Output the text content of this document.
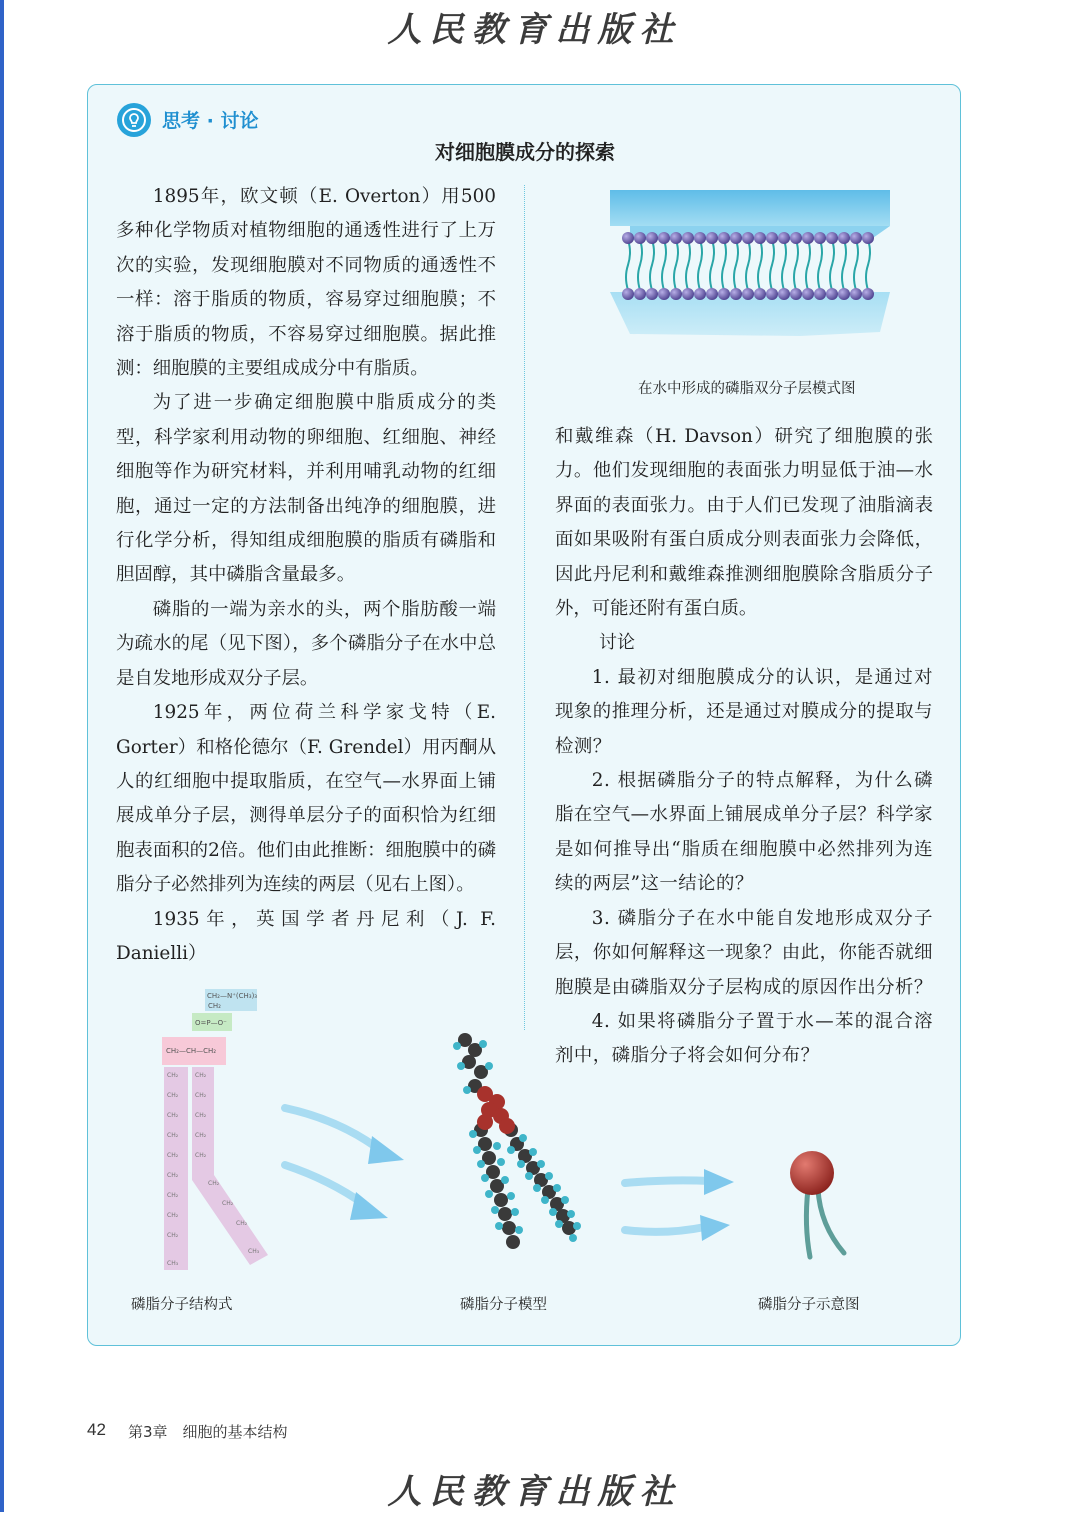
人民教育出版社
思考 · 讨论
对细胞膜成分的探索

1895年，欧文顿（E. Overton）用500多种化学物质对植物细胞的通透性进行了上万次的实验，发现细胞膜对不同物质的通透性不一样：溶于脂质的物质，容易穿过细胞膜；不溶于脂质的物质，不容易穿过细胞膜。据此推测：细胞膜的主要组成成分中有脂质。

为了进一步确定细胞膜中脂质成分的类型，科学家利用动物的卵细胞、红细胞、神经细胞等作为研究材料，并利用哺乳动物的红细胞，通过一定的方法制备出纯净的细胞膜，进行化学分析，得知组成细胞膜的脂质有磷脂和胆固醇，其中磷脂含量最多。

磷脂的一端为亲水的头，两个脂肪酸一端为疏水的尾（见下图），多个磷脂分子在水中总是自发地形成双分子层。

1925年，两位荷兰科学家戈特（E. Gorter）和格伦德尔（F. Grendel）用丙酮从人的红细胞中提取脂质，在空气—水界面上铺展成单分子层，测得单层分子的面积恰为红细胞表面积的2倍。他们由此推断：细胞膜中的磷脂分子必然排列为连续的两层（见右上图）。

1935年，英国学者丹尼利（J. F. Danielli）

在水中形成的磷脂双分子层模式图

和戴维森（H. Davson）研究了细胞膜的张力。他们发现细胞的表面张力明显低于油—水界面的表面张力。由于人们已发现了油脂滴表面如果吸附有蛋白质成分则表面张力会降低，因此丹尼利和戴维森推测细胞膜除含脂质分子外，可能还附有蛋白质。

讨论

1. 最初对细胞膜成分的认识，是通过对现象的推理分析，还是通过对膜成分的提取与检测？

2. 根据磷脂分子的特点解释，为什么磷脂在空气—水界面上铺展成单分子层？科学家是如何推导出“脂质在细胞膜中必然排列为连续的两层”这一结论的？

3. 磷脂分子在水中能自发地形成双分子层，你如何解释这一现象？由此，你能否就细胞膜是由磷脂双分子层构成的原因作出分析？

4. 如果将磷脂分子置于水—苯的混合溶剂中，磷脂分子将会如何分布？

CH₂—N⁺(CH₃)₃
CH₂
O=P—O⁻
CH₂—CH—CH₂
CH₂
CH₂
CH₂
CH₂
CH₂
CH₂
CH₂
CH₂
CH₂
CH₃
CH₂
CH₂
CH₂
CH₂
CH₂
CH₂
CH₂
CH₂
CH₃
磷脂分子结构式	磷脂分子模型	磷脂分子示意图
42 第3章　细胞的基本结构
人民教育出版社
